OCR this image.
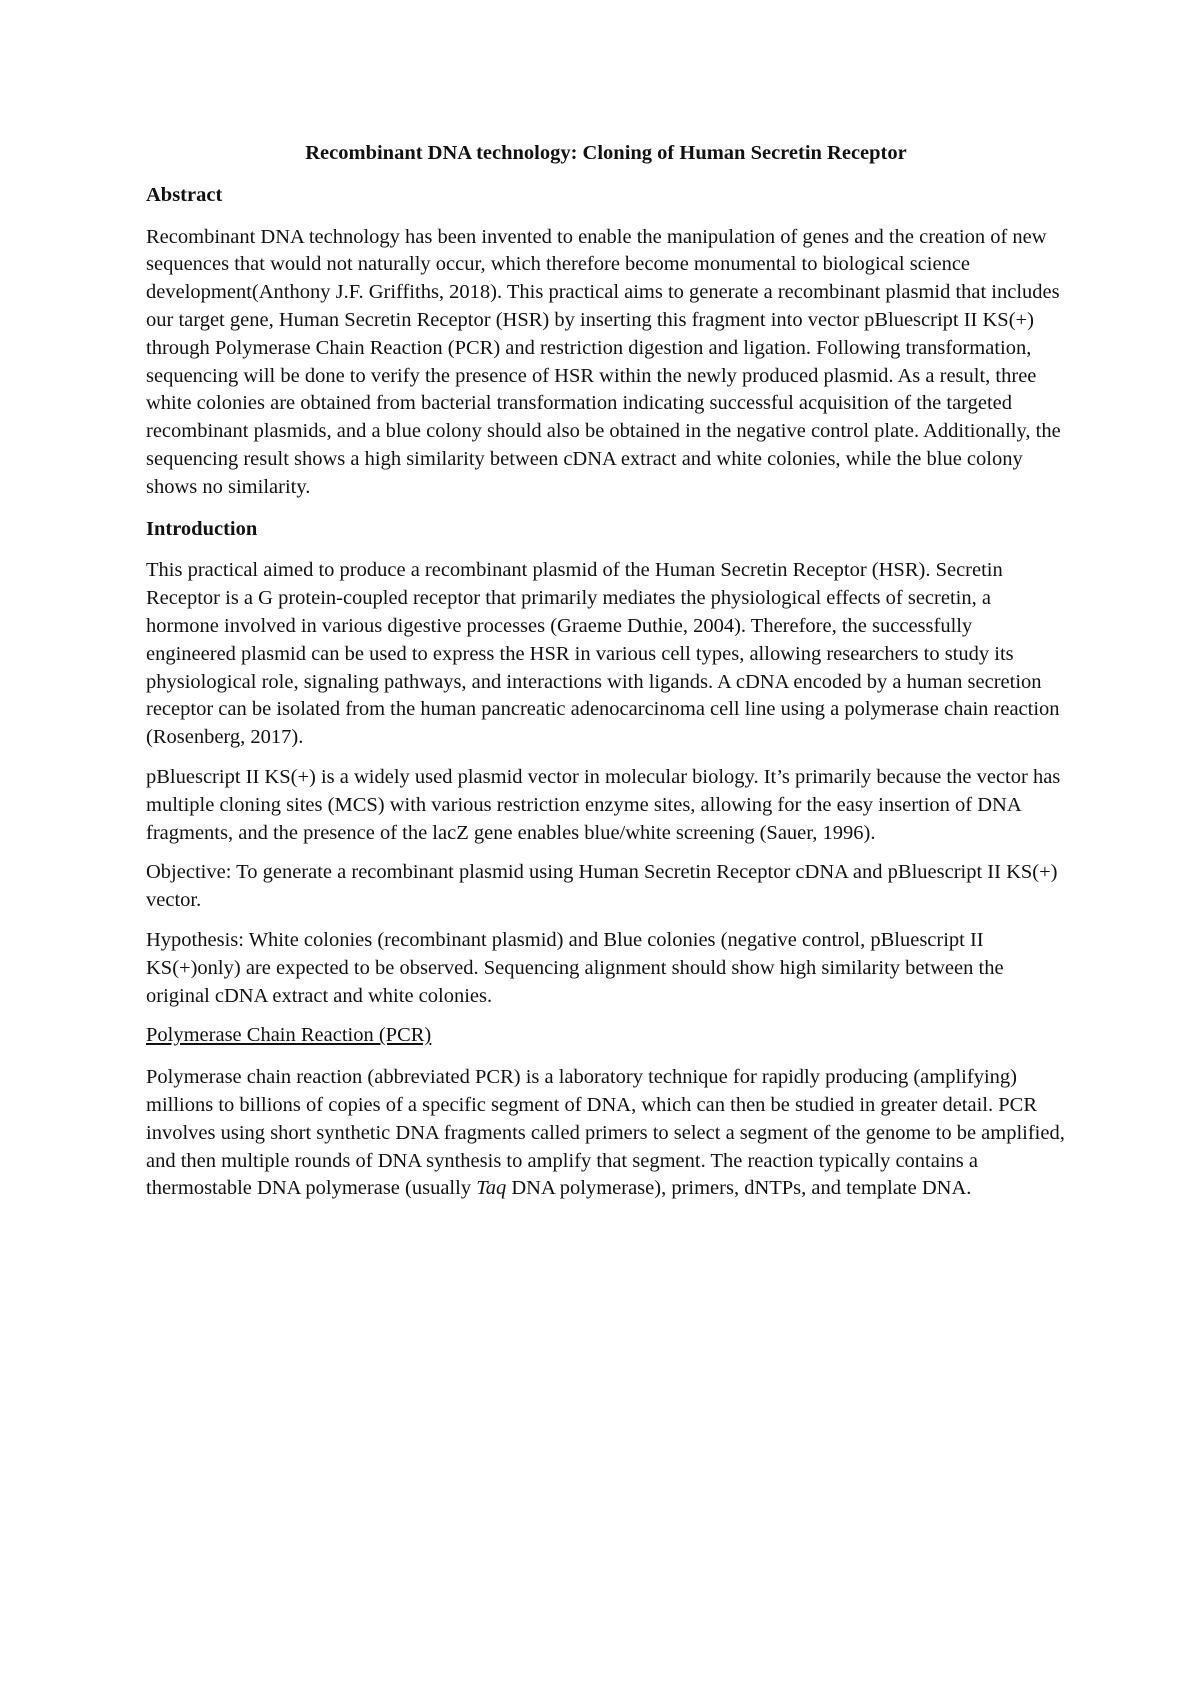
Recombinant DNA technology: Cloning of Human Secretin Receptor
Abstract

Recombinant DNA technology has been invented to enable the manipulation of genes and the creation of new sequences that would not naturally occur, which therefore become monumental to biological science development(Anthony J.F. Griffiths, 2018). This practical aims to generate a recombinant plasmid that includes our target gene, Human Secretin Receptor (HSR) by inserting this fragment into vector pBluescript II KS(+) through Polymerase Chain Reaction (PCR) and restriction digestion and ligation. Following transformation, sequencing will be done to verify the presence of HSR within the newly produced plasmid. As a result, three white colonies are obtained from bacterial transformation indicating successful acquisition of the targeted recombinant plasmids, and a blue colony should also be obtained in the negative control plate. Additionally, the sequencing result shows a high similarity between cDNA extract and white colonies, while the blue colony shows no similarity.

Introduction

This practical aimed to produce a recombinant plasmid of the Human Secretin Receptor (HSR). Secretin Receptor is a G protein-coupled receptor that primarily mediates the physiological effects of secretin, a hormone involved in various digestive processes (Graeme Duthie, 2004). Therefore, the successfully engineered plasmid can be used to express the HSR in various cell types, allowing researchers to study its physiological role, signaling pathways, and interactions with ligands. A cDNA encoded by a human secretion receptor can be isolated from the human pancreatic adenocarcinoma cell line using a polymerase chain reaction (Rosenberg, 2017).

pBluescript II KS(+) is a widely used plasmid vector in molecular biology. It’s primarily because the vector has multiple cloning sites (MCS) with various restriction enzyme sites, allowing for the easy insertion of DNA fragments, and the presence of the lacZ gene enables blue/white screening (Sauer, 1996).

Objective: To generate a recombinant plasmid using Human Secretin Receptor cDNA and pBluescript II KS(+) vector.

Hypothesis: White colonies (recombinant plasmid) and Blue colonies (negative control, pBluescript II KS(+)only) are expected to be observed. Sequencing alignment should show high similarity between the original cDNA extract and white colonies.

Polymerase Chain Reaction (PCR)

Polymerase chain reaction (abbreviated PCR) is a laboratory technique for rapidly producing (amplifying) millions to billions of copies of a specific segment of DNA, which can then be studied in greater detail. PCR involves using short synthetic DNA fragments called primers to select a segment of the genome to be amplified, and then multiple rounds of DNA synthesis to amplify that segment. The reaction typically contains a thermostable DNA polymerase (usually Taq DNA polymerase), primers, dNTPs, and template DNA.
